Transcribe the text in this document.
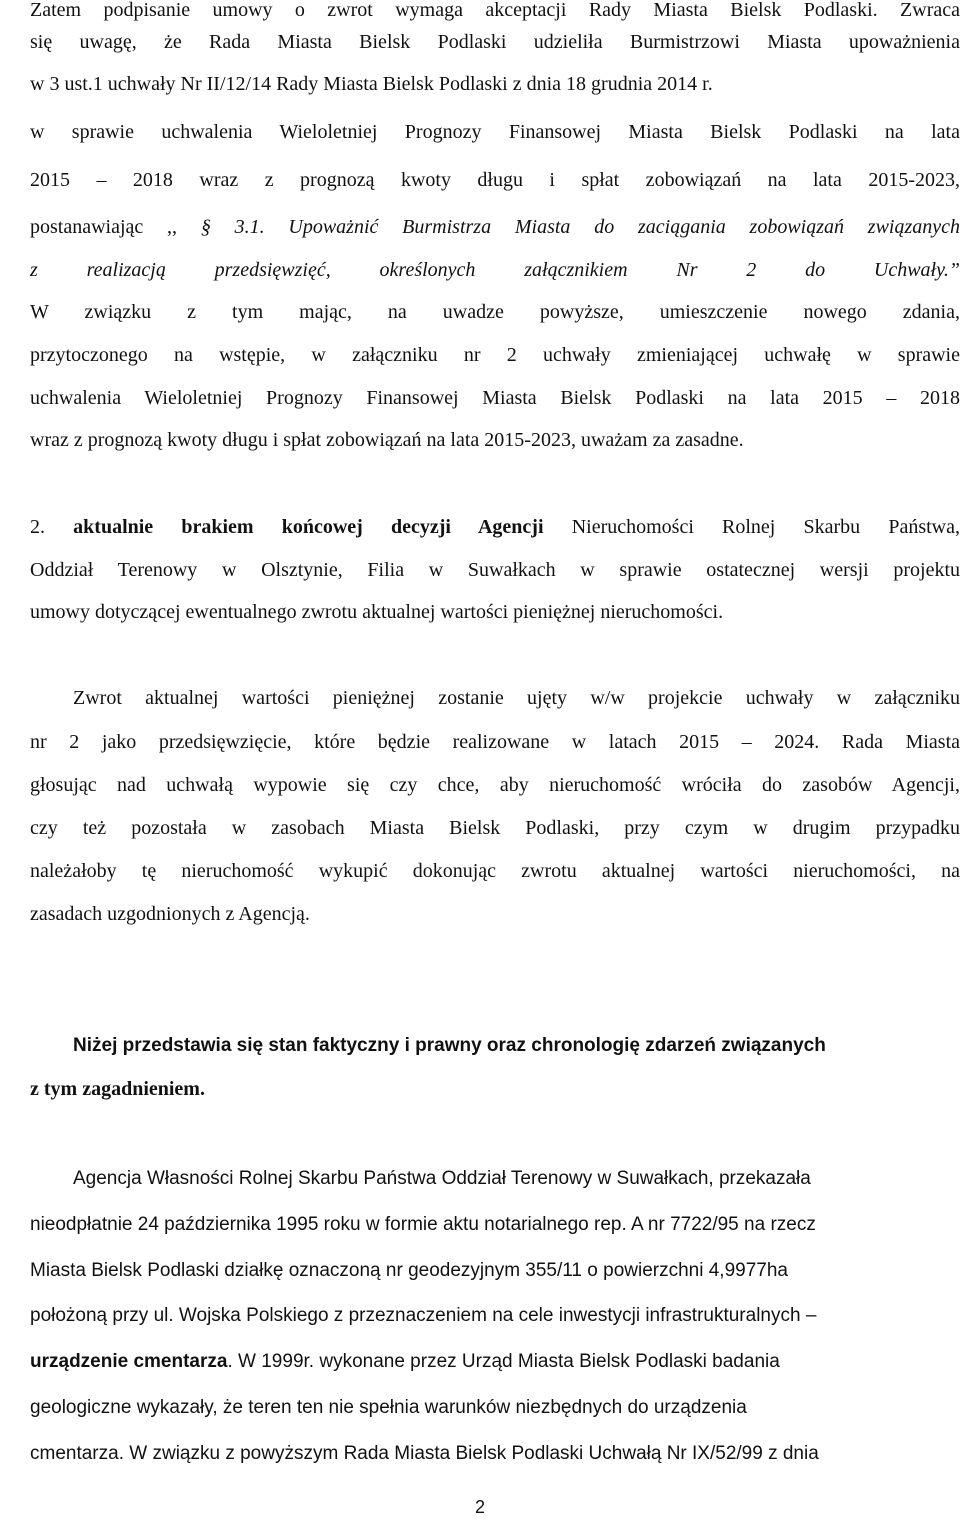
Zatem podpisanie umowy o zwrot wymaga akceptacji Rady Miasta Bielsk Podlaski. Zwraca
się uwagę, że Rada Miasta Bielsk Podlaski udzieliła Burmistrzowi Miasta upoważnienia
w 3 ust.1 uchwały Nr II/12/14 Rady Miasta Bielsk Podlaski z dnia 18 grudnia 2014 r.
w sprawie uchwalenia Wieloletniej Prognozy Finansowej Miasta Bielsk Podlaski na lata
2015 – 2018 wraz z prognozą kwoty długu i spłat zobowiązań na lata 2015-2023,
postanawiając ,, § 3.1. Upoważnić Burmistrza Miasta do zaciągania zobowiązań związanych
z realizacją przedsięwzięć, określonych załącznikiem Nr 2 do Uchwały.”
W związku z tym mając, na uwadze powyższe, umieszczenie nowego zdania,
przytoczonego na wstępie, w załączniku nr 2 uchwały zmieniającej uchwałę w sprawie
uchwalenia Wieloletniej Prognozy Finansowej Miasta Bielsk Podlaski na lata 2015 – 2018
wraz z prognozą kwoty długu i spłat zobowiązań na lata 2015-2023, uważam za zasadne.
2. aktualnie brakiem końcowej decyzji Agencji Nieruchomości Rolnej Skarbu Państwa,
Oddział Terenowy w Olsztynie, Filia w Suwałkach w sprawie ostatecznej wersji projektu
umowy dotyczącej ewentualnego zwrotu aktualnej wartości pieniężnej nieruchomości.
Zwrot aktualnej wartości pieniężnej zostanie ujęty w/w projekcie uchwały w załączniku
nr 2 jako przedsięwzięcie, które będzie realizowane w latach 2015 – 2024. Rada Miasta
głosując nad uchwałą wypowie się czy chce, aby nieruchomość wróciła do zasobów Agencji,
czy też pozostała w zasobach Miasta Bielsk Podlaski, przy czym w drugim przypadku
należałoby tę nieruchomość wykupić dokonując zwrotu aktualnej wartości nieruchomości, na
zasadach uzgodnionych z Agencją.
Niżej przedstawia się stan faktyczny i prawny oraz chronologię zdarzeń związanych
z tym zagadnieniem.
Agencja Własności Rolnej Skarbu Państwa Oddział Terenowy w Suwałkach, przekazała
nieodpłatnie 24 października 1995 roku w formie aktu notarialnego rep. A nr 7722/95 na rzecz
Miasta Bielsk Podlaski działkę oznaczoną nr geodezyjnym 355/11 o powierzchni 4,9977ha
położoną przy ul. Wojska Polskiego z przeznaczeniem na cele inwestycji infrastrukturalnych –
urządzenie cmentarza. W 1999r. wykonane przez Urząd Miasta Bielsk Podlaski badania
geologiczne wykazały, że teren ten nie spełnia warunków niezbędnych do urządzenia
cmentarza. W związku z powyższym Rada Miasta Bielsk Podlaski Uchwałą Nr IX/52/99 z dnia
2
